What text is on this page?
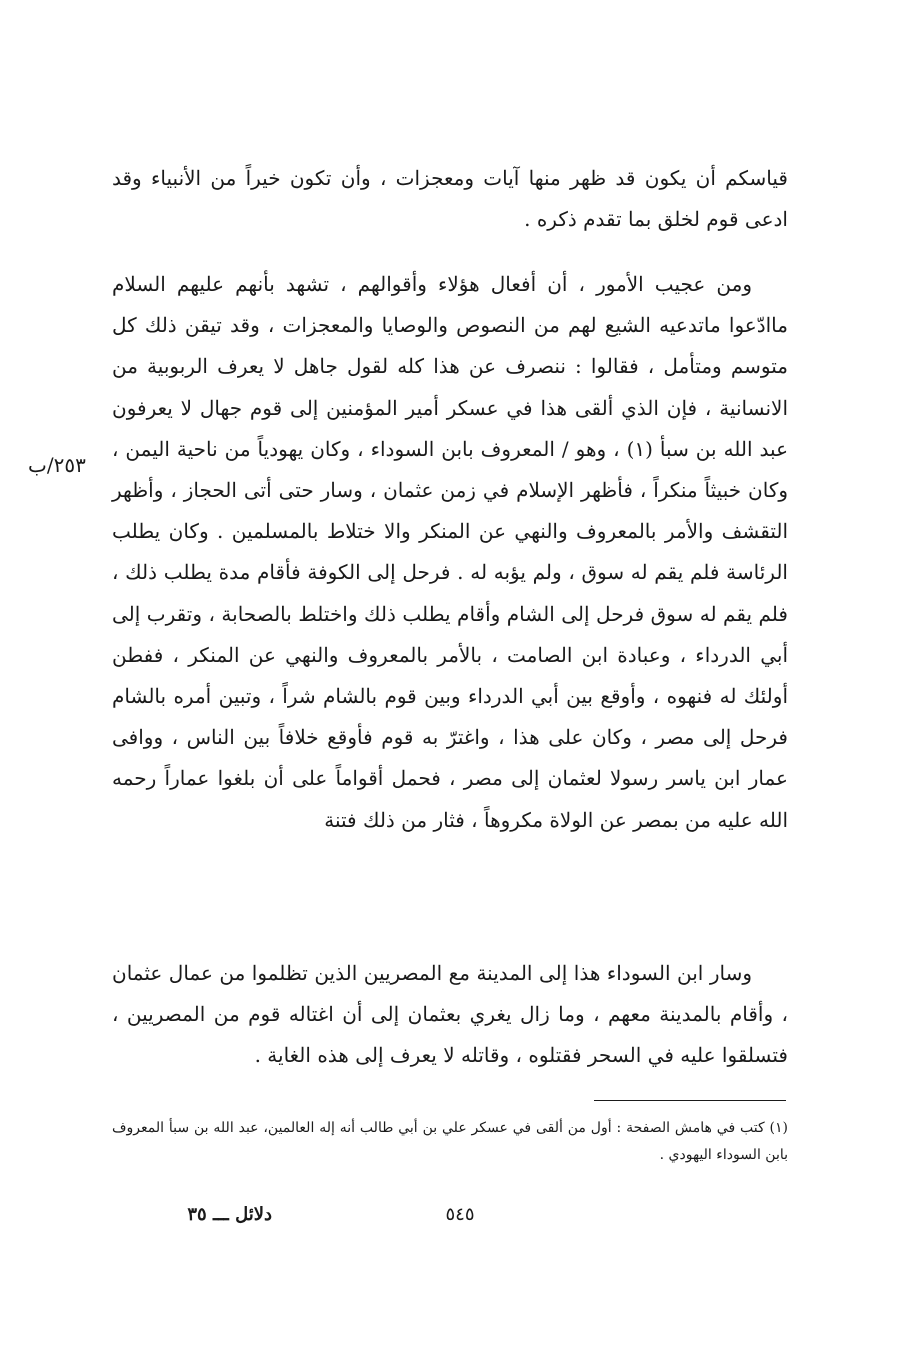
٢٥٣/ب

قياسكم أن يكون قد ظهر منها آيات ومعجزات ، وأن تكون خيراً من الأنبياء وقد ادعى قوم لخلق بما تقدم ذكره .

ومن عجيب الأمور ، أن أفعال هؤلاء وأقوالهم ، تشهد بأنهم عليهم السلام ماادّعوا ماتدعيه الشيع لهم من النصوص والوصايا والمعجزات ، وقد تيقن ذلك كل متوسم ومتأمل ، فقالوا : ننصرف عن هذا كله لقول جاهل لا يعرف الربوبية من الانسانية ، فإن الذي ألقى هذا في عسكر أمير المؤمنين إلى قوم جهال لا يعرفون عبد الله بن سبأ (١) ، وهو / المعروف بابن السوداء ، وكان يهودياً من ناحية اليمن ، وكان خبيثاً منكراً ، فأظهر الإسلام في زمن عثمان ، وسار حتى أتى الحجاز ، وأظهر التقشف والأمر بالمعروف والنهي عن المنكر والا ختلاط بالمسلمين . وكان يطلب الرئاسة فلم يقم له سوق ، ولم يؤبه له . فرحل إلى الكوفة فأقام مدة يطلب ذلك ، فلم يقم له سوق فرحل إلى الشام وأقام يطلب ذلك واختلط بالصحابة ، وتقرب إلى أبي الدرداء ، وعبادة ابن الصامت ، بالأمر بالمعروف والنهي عن المنكر ، ففطن أولئك له فنهوه ، وأوقع بين أبي الدرداء وبين قوم بالشام شراً ، وتبين أمره بالشام فرحل إلى مصر ، وكان على هذا ، واغترّ به قوم فأوقع خلافاً بين الناس ، ووافى عمار ابن ياسر رسولا لعثمان إلى مصر ، فحمل أقواماً على أن بلغوا عماراً رحمه الله عليه من بمصر عن الولاة مكروهاً ، فثار من ذلك فتنة

وسار ابن السوداء هذا إلى المدينة مع المصريين الذين تظلموا من عمال عثمان ، وأقام بالمدينة معهم ، وما زال يغري بعثمان إلى أن اغتاله قوم من المصريين ، فتسلقوا عليه في السحر فقتلوه ، وقاتله لا يعرف إلى هذه الغاية .

(١) كتب في هامش الصفحة : أول من ألقى في عسكر علي بن أبي طالب أنه إله العالمين، عبد الله بن سبأ المعروف بابن السوداء اليهودي .

٥٤٥
دلائل ـــ ٣٥
